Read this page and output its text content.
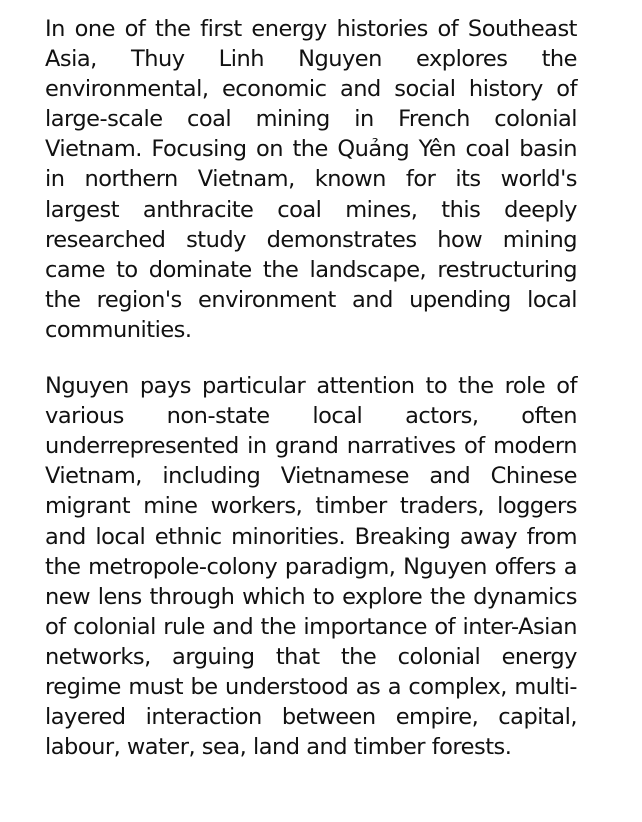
In one of the first energy histories of Southeast Asia, Thuy Linh Nguyen explores the environmental, economic and social history of large-scale coal mining in French colonial Vietnam. Focusing on the Quảng Yên coal basin in northern Vietnam, known for its world's largest anthracite coal mines, this deeply researched study demonstrates how mining came to dominate the landscape, restructuring the region's environment and upending local communities.

Nguyen pays particular attention to the role of various non-state local actors, often underrepresented in grand narratives of modern Vietnam, including Vietnamese and Chinese migrant mine workers, timber traders, loggers and local ethnic minorities. Breaking away from the metropole-colony paradigm, Nguyen offers a new lens through which to explore the dynamics of colonial rule and the importance of inter-Asian networks, arguing that the colonial energy regime must be understood as a complex, multi-layered interaction between empire, capital, labour, water, sea, land and timber forests.
